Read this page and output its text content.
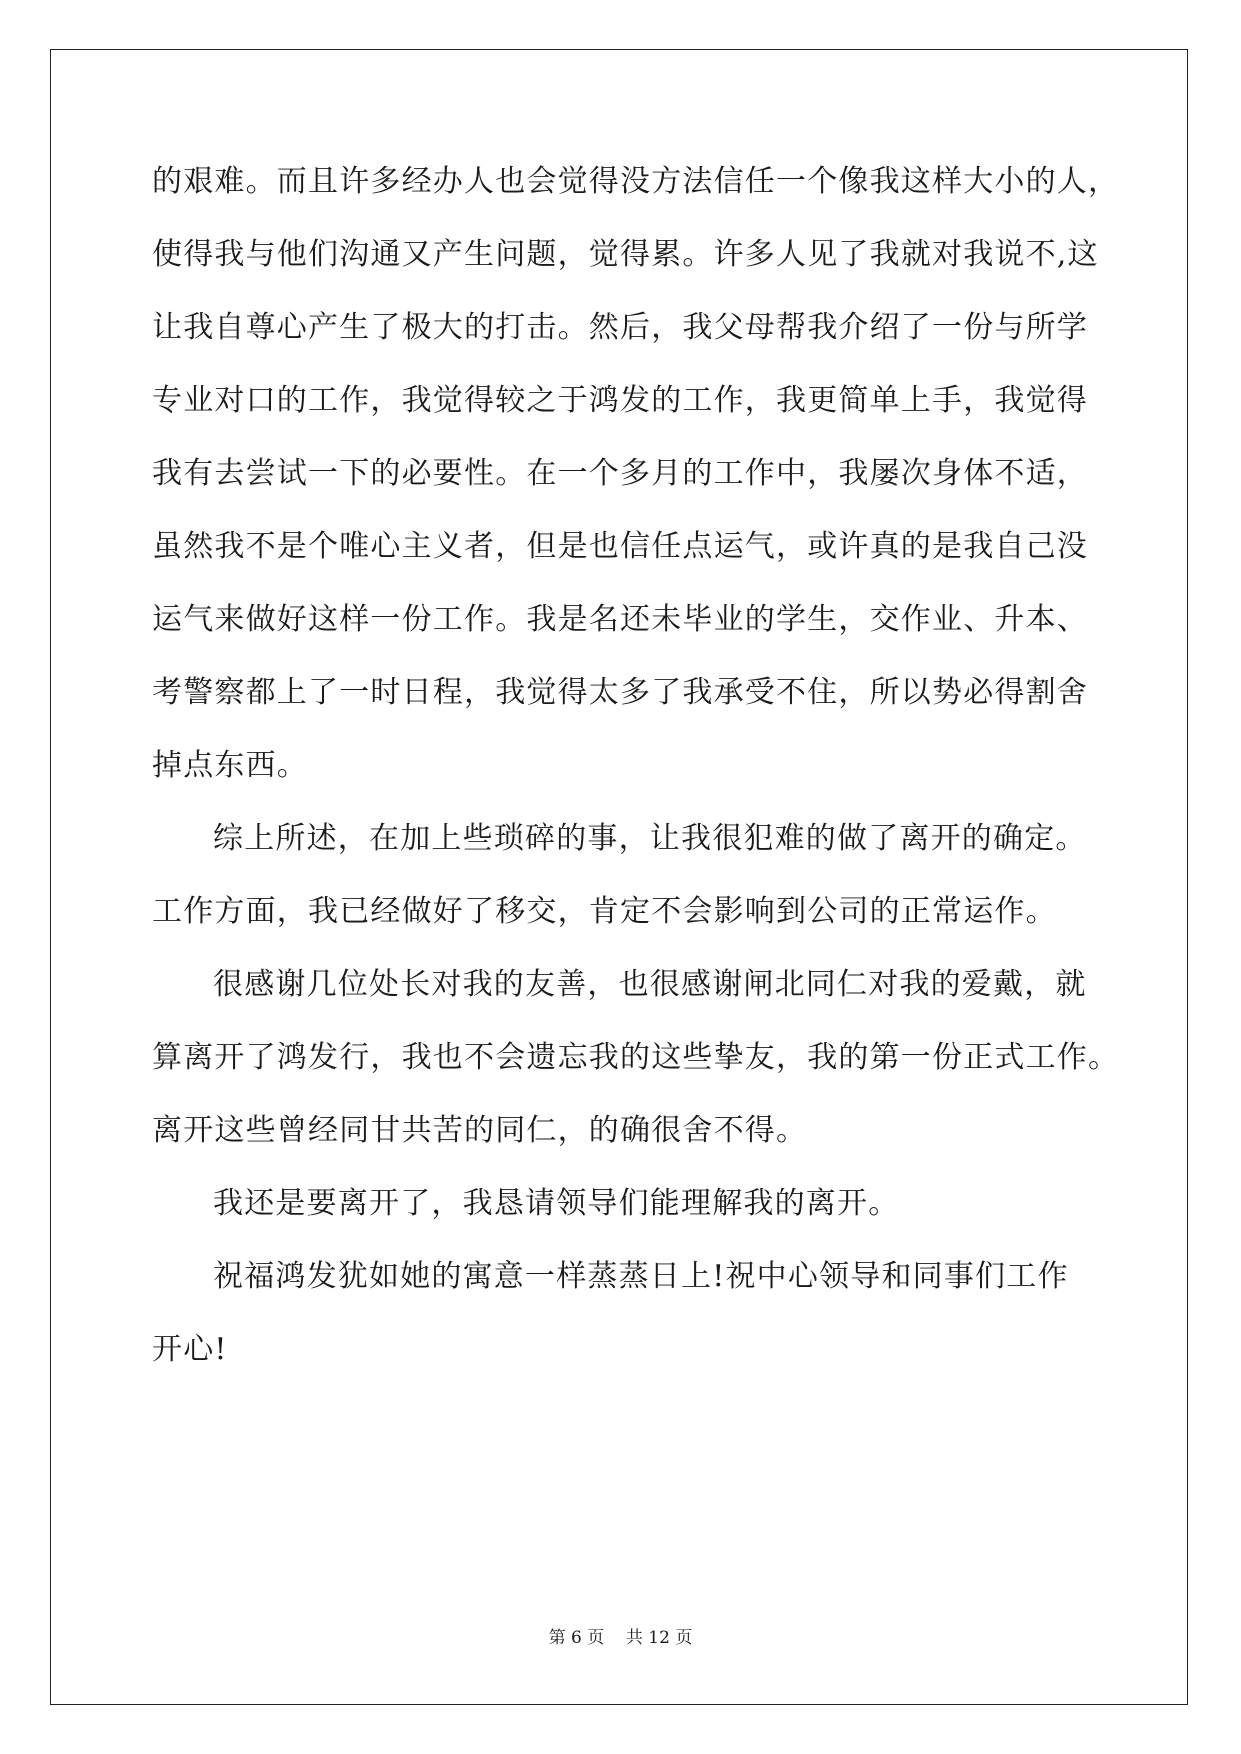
的艰难。而且许多经办人也会觉得没方法信任一个像我这样大小的人，
使得我与他们沟通又产生问题，觉得累。许多人见了我就对我说不,这
让我自尊心产生了极大的打击。然后，我父母帮我介绍了一份与所学
专业对口的工作，我觉得较之于鸿发的工作，我更简单上手，我觉得
我有去尝试一下的必要性。在一个多月的工作中，我屡次身体不适，
虽然我不是个唯心主义者，但是也信任点运气，或许真的是我自己没
运气来做好这样一份工作。我是名还未毕业的学生，交作业、升本、
考警察都上了一时日程，我觉得太多了我承受不住，所以势必得割舍
掉点东西。
综上所述，在加上些琐碎的事，让我很犯难的做了离开的确定。
工作方面，我已经做好了移交，肯定不会影响到公司的正常运作。
很感谢几位处长对我的友善，也很感谢闸北同仁对我的爱戴，就
算离开了鸿发行，我也不会遗忘我的这些挚友，我的第一份正式工作。
离开这些曾经同甘共苦的同仁，的确很舍不得。
我还是要离开了，我恳请领导们能理解我的离开。
祝福鸿发犹如她的寓意一样蒸蒸日上!祝中心领导和同事们工作
开心!
第 6 页    共 12 页
